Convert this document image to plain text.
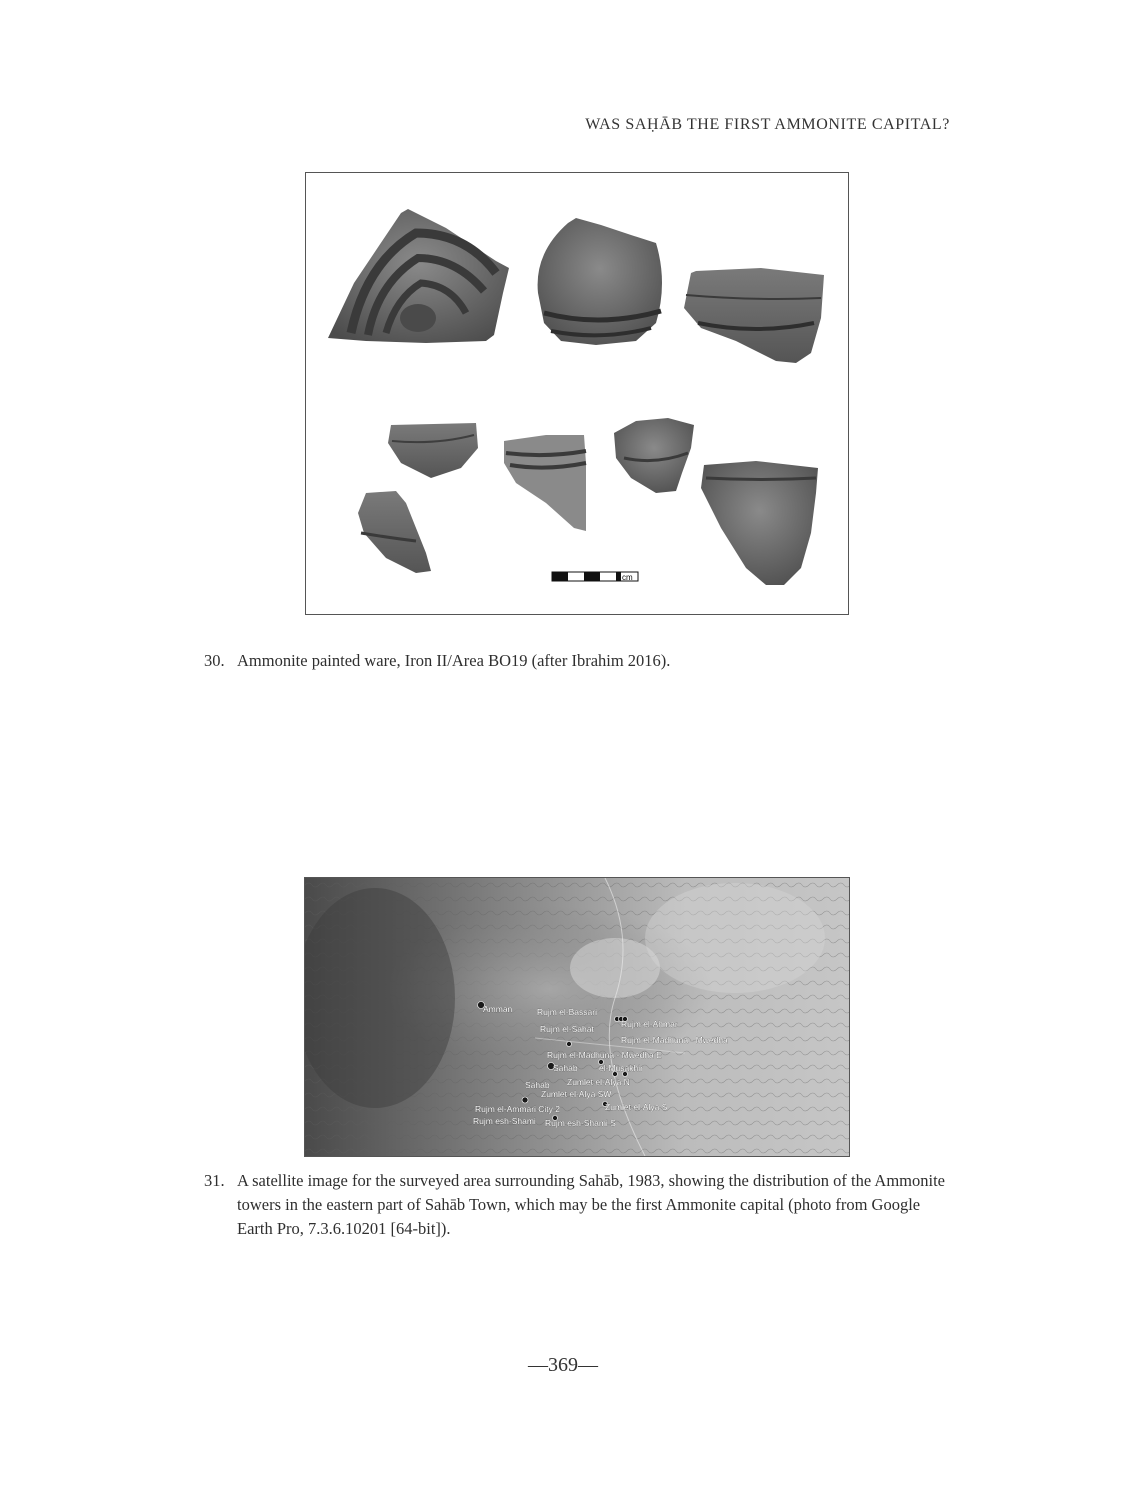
WAS SAḤĀB THE FIRST AMMONITE CAPITAL?
cm
30. Ammonite painted ware, Iron II/Area BO19 (after Ibrahim 2016).
Amman	Rujm el-Bassari
Rujm el-Ahmar
Rujm el-Sahat
Rujm el-Madhuna - Mwedha
Rujm el-Madhuna - Mwedha E
Sahab	el-Musakhir
Zumlet el-Alya N
Sahab
Zumlet el-Alya SW
Zumlet el-Alya S
Rujm el-Ammari City 2
Rujm esh-Shami Rujm esh-Shami S
31. A satellite image for the surveyed area surrounding Sahāb, 1983, showing the distribution of the Ammonite towers in the eastern part of Sahāb Town, which may be the first Ammonite capital (photo from Google Earth Pro, 7.3.6.10201 [64-bit]).
—369—
